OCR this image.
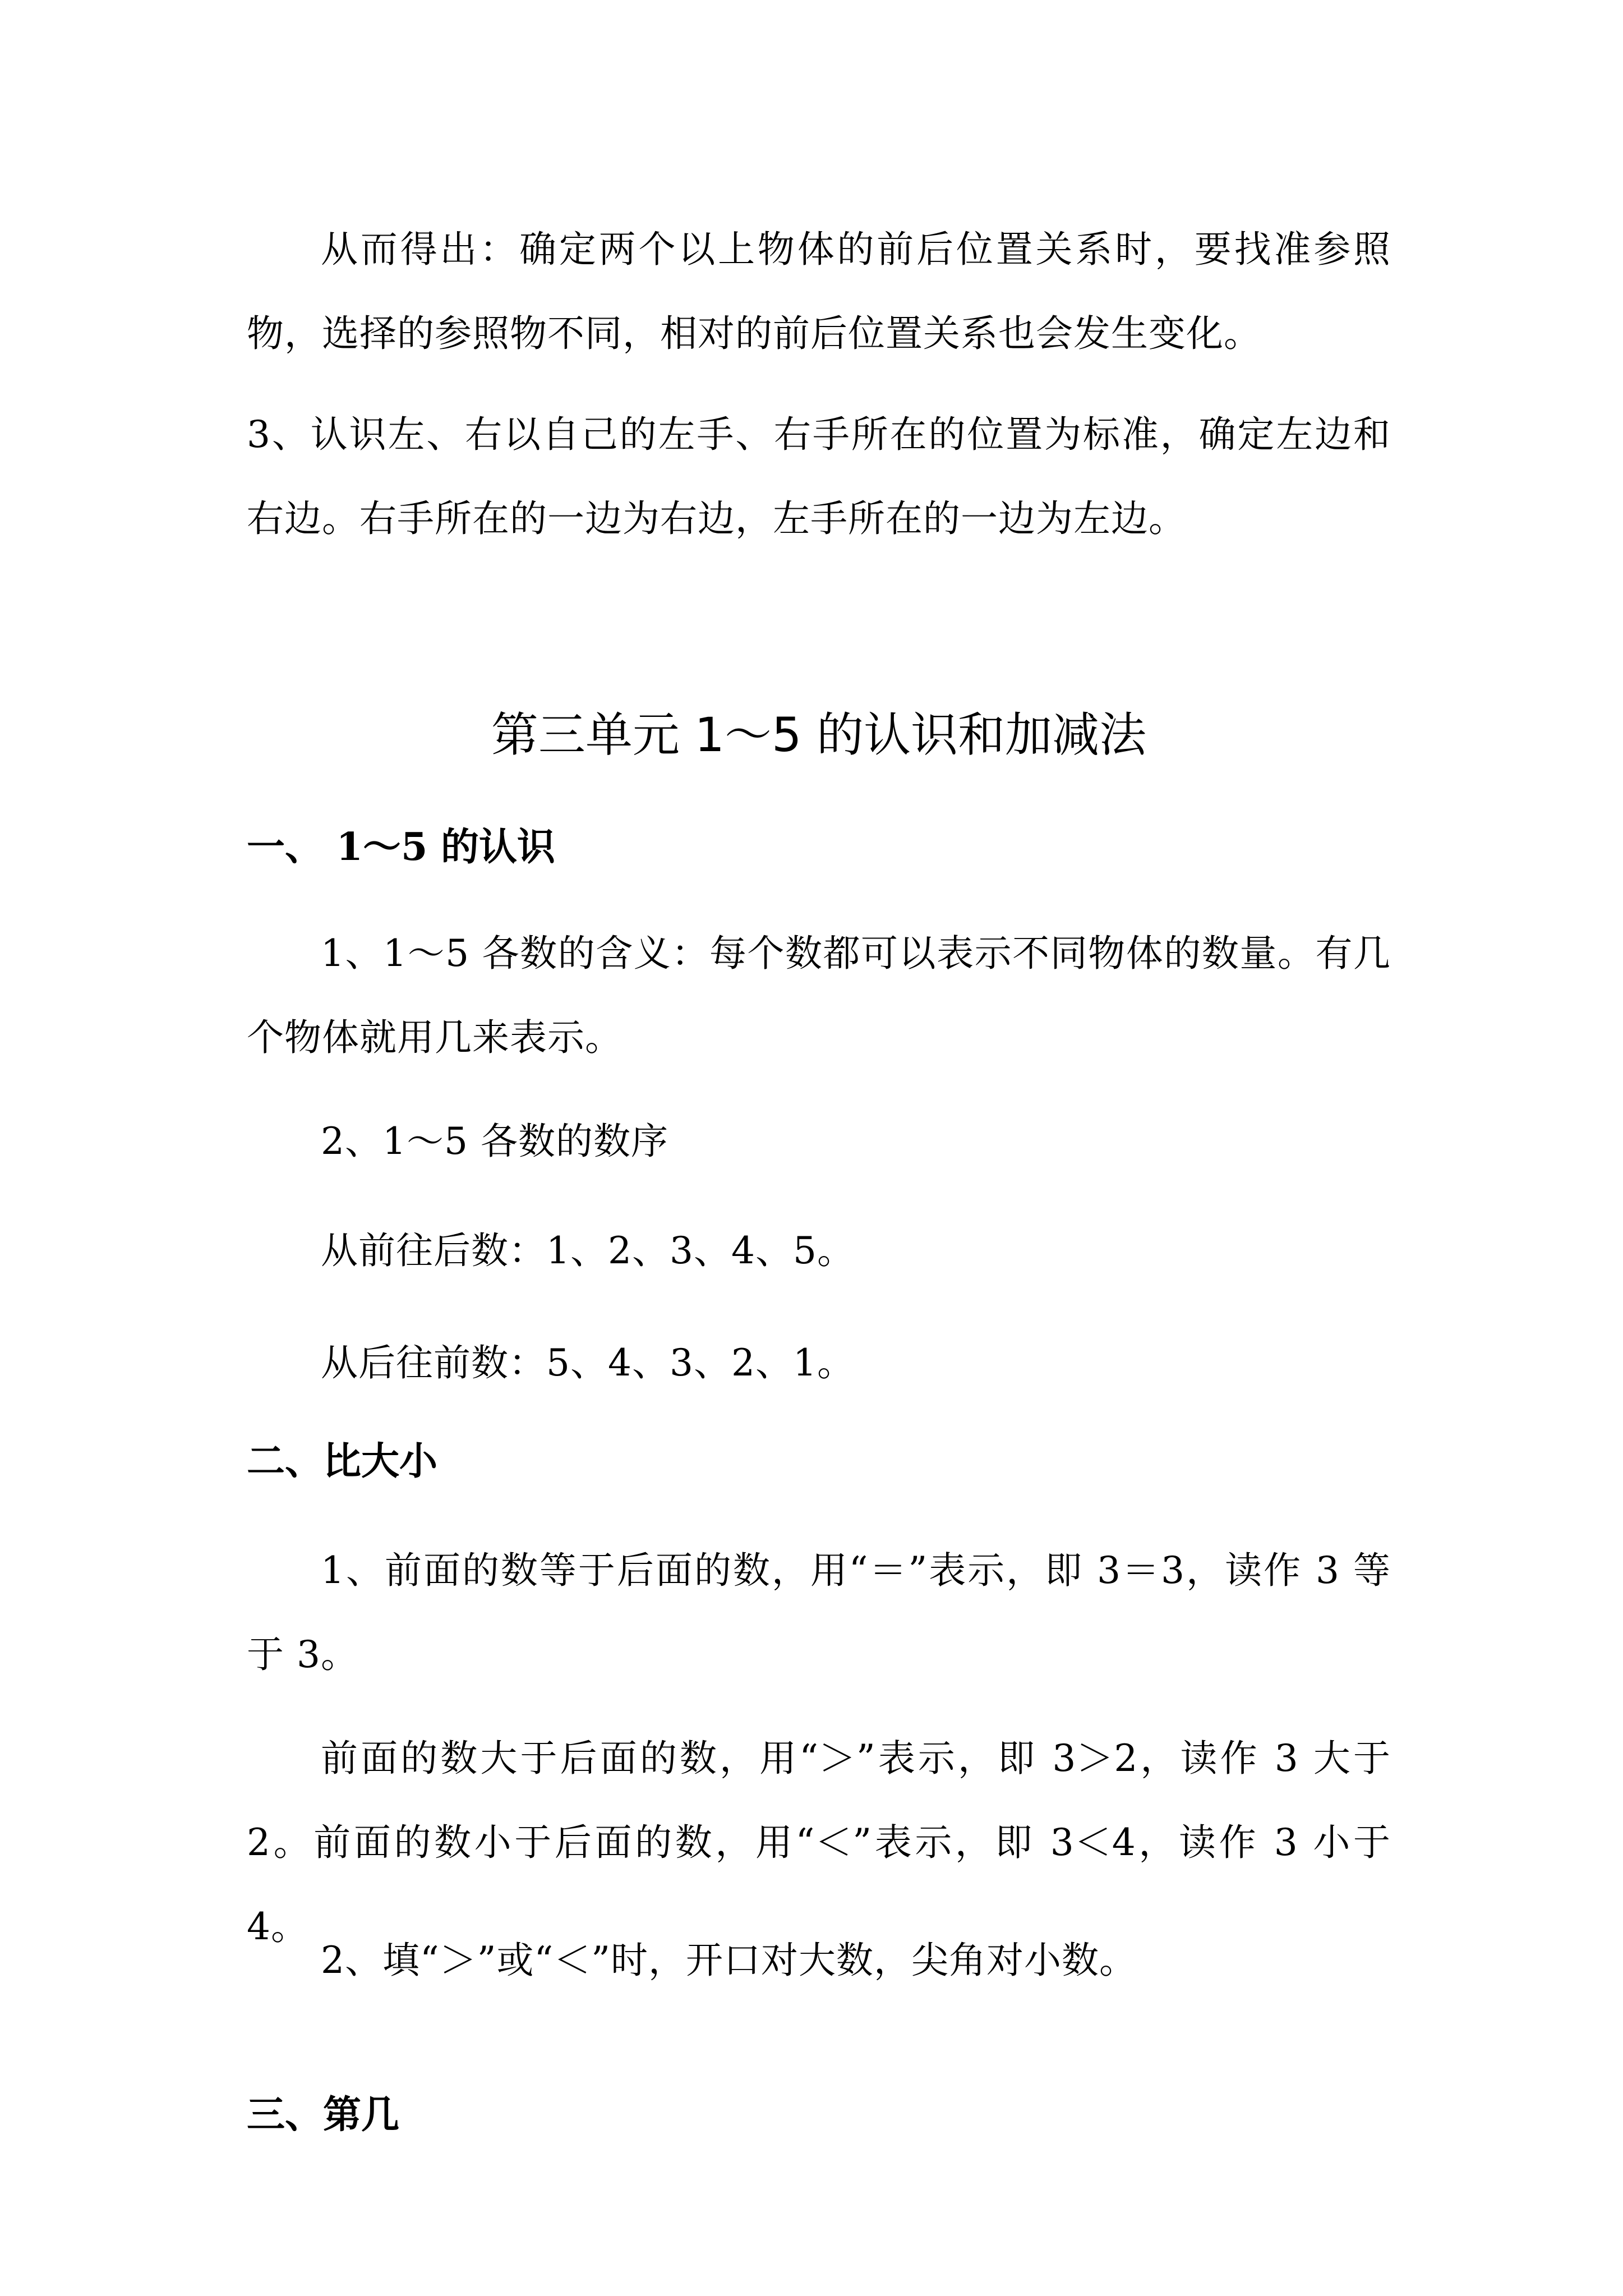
从而得出：确定两个以上物体的前后位置关系时，要找准参照物，选择的参照物不同，相对的前后位置关系也会发生变化。

3、认识左、右以自己的左手、右手所在的位置为标准，确定左边和右边。右手所在的一边为右边，左手所在的一边为左边。

第三单元 1～5 的认识和加减法
一、 1～5 的认识

1、1～5 各数的含义：每个数都可以表示不同物体的数量。有几个物体就用几来表示。

2、1～5 各数的数序

从前往后数：1、2、3、4、5。

从后往前数：5、4、3、2、1。

二、比大小

1、前面的数等于后面的数，用“＝”表示，即 3＝3，读作 3 等于 3。

前面的数大于后面的数，用“＞”表示，即 3＞2，读作 3 大于 2。前面的数小于后面的数，用“＜”表示，即 3＜4，读作 3 小于 4。

2、填“＞”或“＜”时，开口对大数，尖角对小数。

三、第几
